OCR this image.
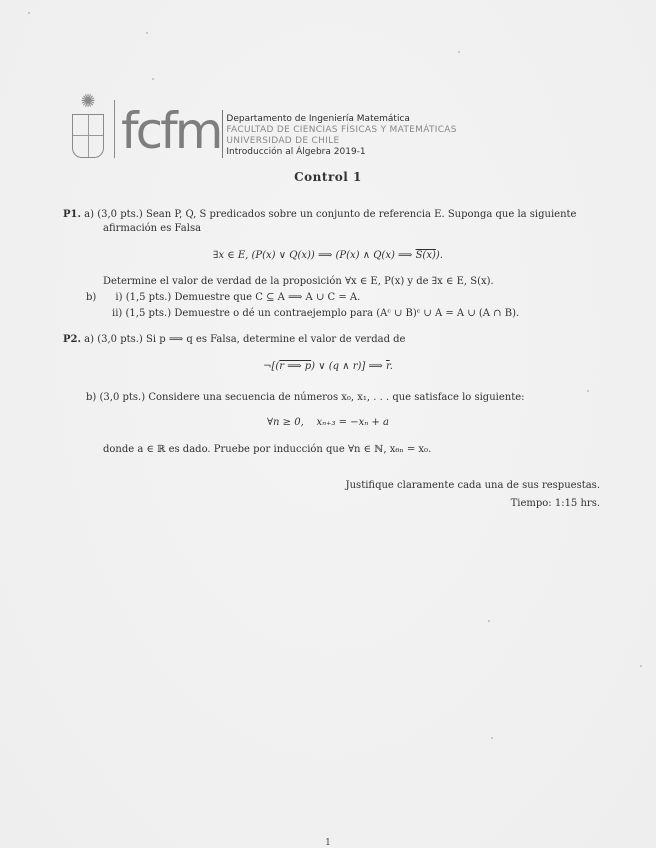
✺
fcfm Departamento de Ingeniería Matemática
FACULTAD DE CIENCIAS FÍSICAS Y MATEMÁTICAS
UNIVERSIDAD DE CHILE
Introducción al Álgebra 2019-1
Control 1
P1. a) (3,0 pts.) Sean P, Q, S predicados sobre un conjunto de referencia E. Suponga que la siguiente
afirmación es Falsa
∃x ∈ E, (P(x) ∨ Q(x)) ⟹ (P(x) ∧ Q(x) ⟹ S(x)).
Determine el valor de verdad de la proposición ∀x ∈ E, P(x) y de ∃x ∈ E, S(x).
b) i) (1,5 pts.) Demuestre que C ⊆ A ⟹ A ∪ C = A.
ii) (1,5 pts.) Demuestre o dé un contraejemplo para (Aᶜ ∪ B)ᶜ ∪ A = A ∪ (A ∩ B).
P2. a) (3,0 pts.) Si p ⟹ q es Falsa, determine el valor de verdad de
¬[(r ⟹ p) ∨ (q ∧ r)] ⟹ $\overline{r}$.
b) (3,0 pts.) Considere una secuencia de números x₀, x₁, . . . que satisface lo siguiente:
∀n ≥ 0,    xₙ₊₃ = −xₙ + a
donde a ∈ ℝ es dado. Pruebe por inducción que ∀n ∈ ℕ, x₆ₙ = x₀.
Justifique claramente cada una de sus respuestas.
Tiempo: 1:15 hrs.
1
